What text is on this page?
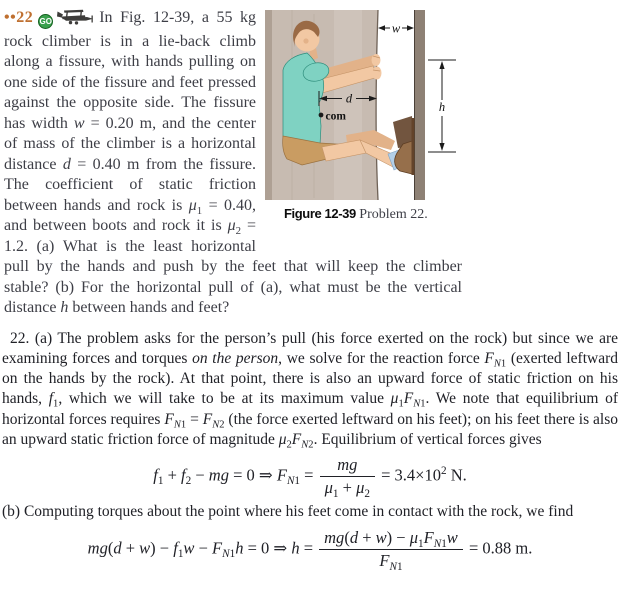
w
d
com
h
Figure 12-39 Problem 22.

••22 GO	In Fig. 12-39, a 55 kg rock climber is in a lie-back climb along a fissure, with hands pulling on one side of the fissure and feet pressed against the opposite side. The fissure has width w = 0.20 m, and the center of mass of the climber is a horizontal distance d = 0.40 m from the fissure. The coefficient of static friction between hands and rock is $\mu_1 = 0.40$, and between boots and rock it is $\mu_2 = 1.2$. (a) What is the least horizontal pull by the hands and push by the feet that will keep the climber stable? (b) For the horizontal pull of (a), what must be the vertical distance h between hands and feet?

22. (a) The problem asks for the person’s pull (his force exerted on the rock) but since we are examining forces and torques on the person, we solve for the reaction force $F_{N1}$ (exerted leftward on the hands by the rock). At that point, there is also an upward force of static friction on his hands, $f_1$, which we will take to be at its maximum value $\mu_1F_{N1}$. We note that equilibrium of horizontal forces requires $F_{N1} = F_{N2}$ (the force exerted leftward on his feet); on his feet there is also an upward static friction force of magnitude $\mu_2F_{N2}$. Equilibrium of vertical forces gives

$f_1 + f_2$ − mg = 0 ⇒ $F_{N1} = \frac{mg}{\mu_1 + \mu_2} = 3.4\times 10^2$ N.

(b) Computing torques about the point where his feet come in contact with the rock, we find

$mg(d + w) - f_1w - F_{N1}h = 0$ ⇒ $h = \frac{mg(d + w) - \mu_1F_{N1}w}{F_{N1}} = 0.88$ m.
